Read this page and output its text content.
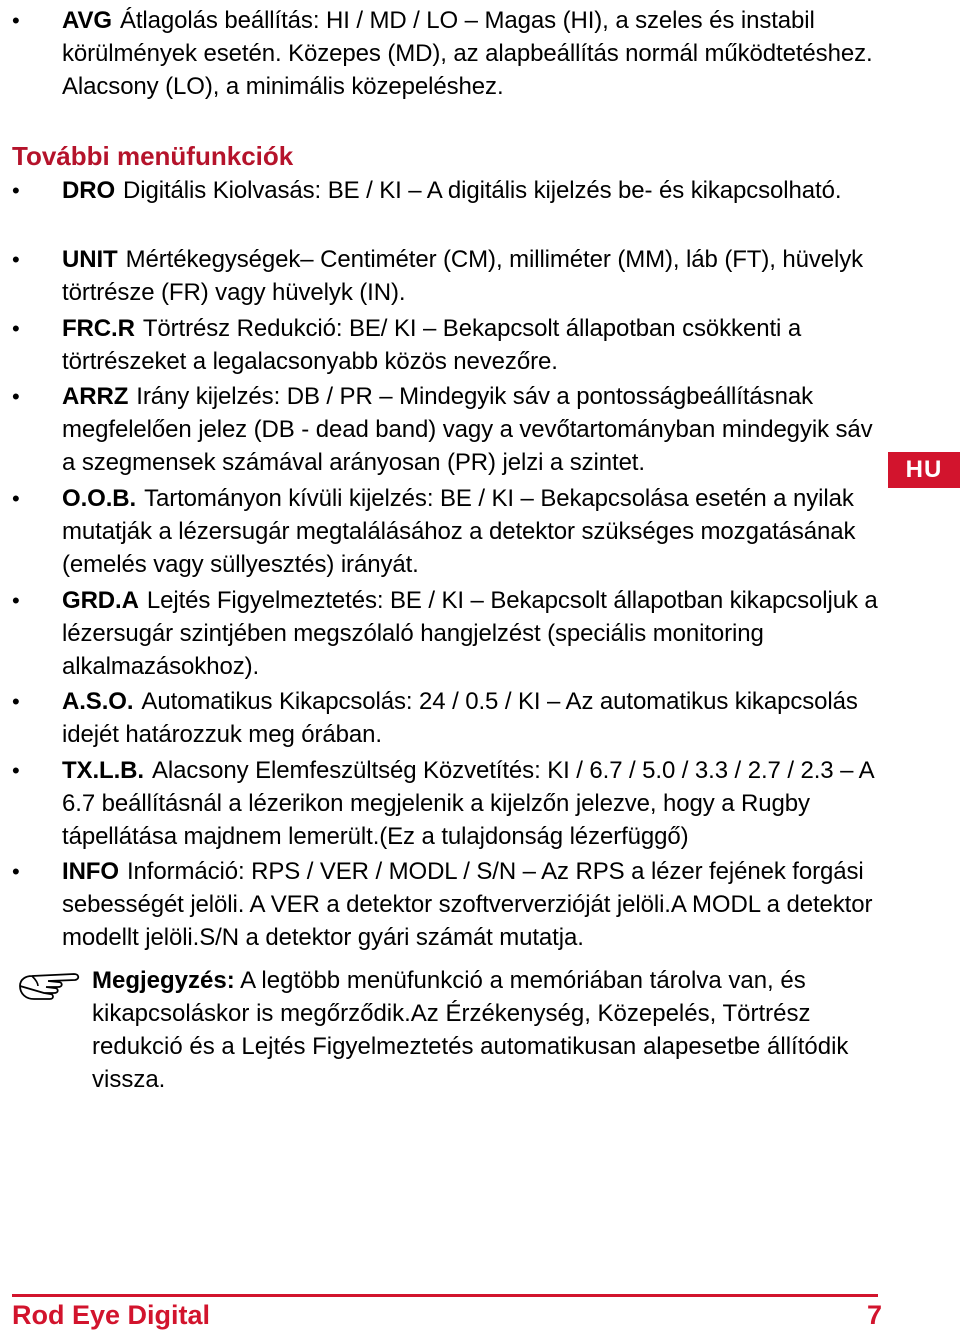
• AVG Átlagolás beállítás: HI / MD / LO – Magas (HI), a szeles és instabil körülmények esetén. Közepes (MD), az alapbeállítás normál működtetéshez. Alacsony (LO), a minimális közepeléshez.
További menüfunkciók
• DRO Digitális Kiolvasás: BE / KI – A digitális kijelzés be- és kikapcsolható.
• UNIT Mértékegységek– Centiméter (CM), milliméter (MM), láb (FT), hüvelyk törtrésze (FR) vagy hüvelyk (IN).
• FRC.R Törtrész Redukció: BE/ KI – Bekapcsolt állapotban csökkenti a törtrészeket a legalacsonyabb közös nevezőre.
• ARRZ Irány kijelzés: DB / PR – Mindegyik sáv a pontosságbeállításnak megfelelően jelez (DB - dead band) vagy a vevőtartományban mindegyik sáv a szegmensek számával arányosan (PR) jelzi a szintet.
• O.O.B. Tartományon kívüli kijelzés: BE / KI – Bekapcsolása esetén a nyilak mutatják a lézersugár megtalálásához a detektor szükséges mozgatásának (emelés vagy süllyesztés) irányát.
• GRD.A Lejtés Figyelmeztetés: BE / KI – Bekapcsolt állapotban kikapcsoljuk a lézersugár szintjében megszólaló hangjelzést (speciális monitoring alkalmazásokhoz).
• A.S.O. Automatikus Kikapcsolás: 24 / 0.5 / KI – Az automatikus kikapcsolás idejét határozzuk meg órában.
• TX.L.B. Alacsony Elemfeszültség Közvetítés: KI / 6.7 / 5.0 / 3.3 / 2.7 / 2.3 – A 6.7 beállításnál a lézerikon megjelenik a kijelzőn jelezve, hogy a Rugby tápellátása majdnem lemerült.(Ez a tulajdonság lézerfüggő)
• INFO Információ: RPS / VER / MODL / S/N – Az RPS a lézer fejének forgási sebességét jelöli. A VER a detektor szoftververzióját jelöli.A MODL a detektor modellt jelöli.S/N a detektor gyári számát mutatja.
Megjegyzés: A legtöbb menüfunkció a memóriában tárolva van, és kikapcsoláskor is megőrződik.Az Érzékenység, Közepelés, Törtrész redukció és a Lejtés Figyelmeztetés automatikusan alapesetbe állítódik vissza.
HU
Rod Eye Digital	7
